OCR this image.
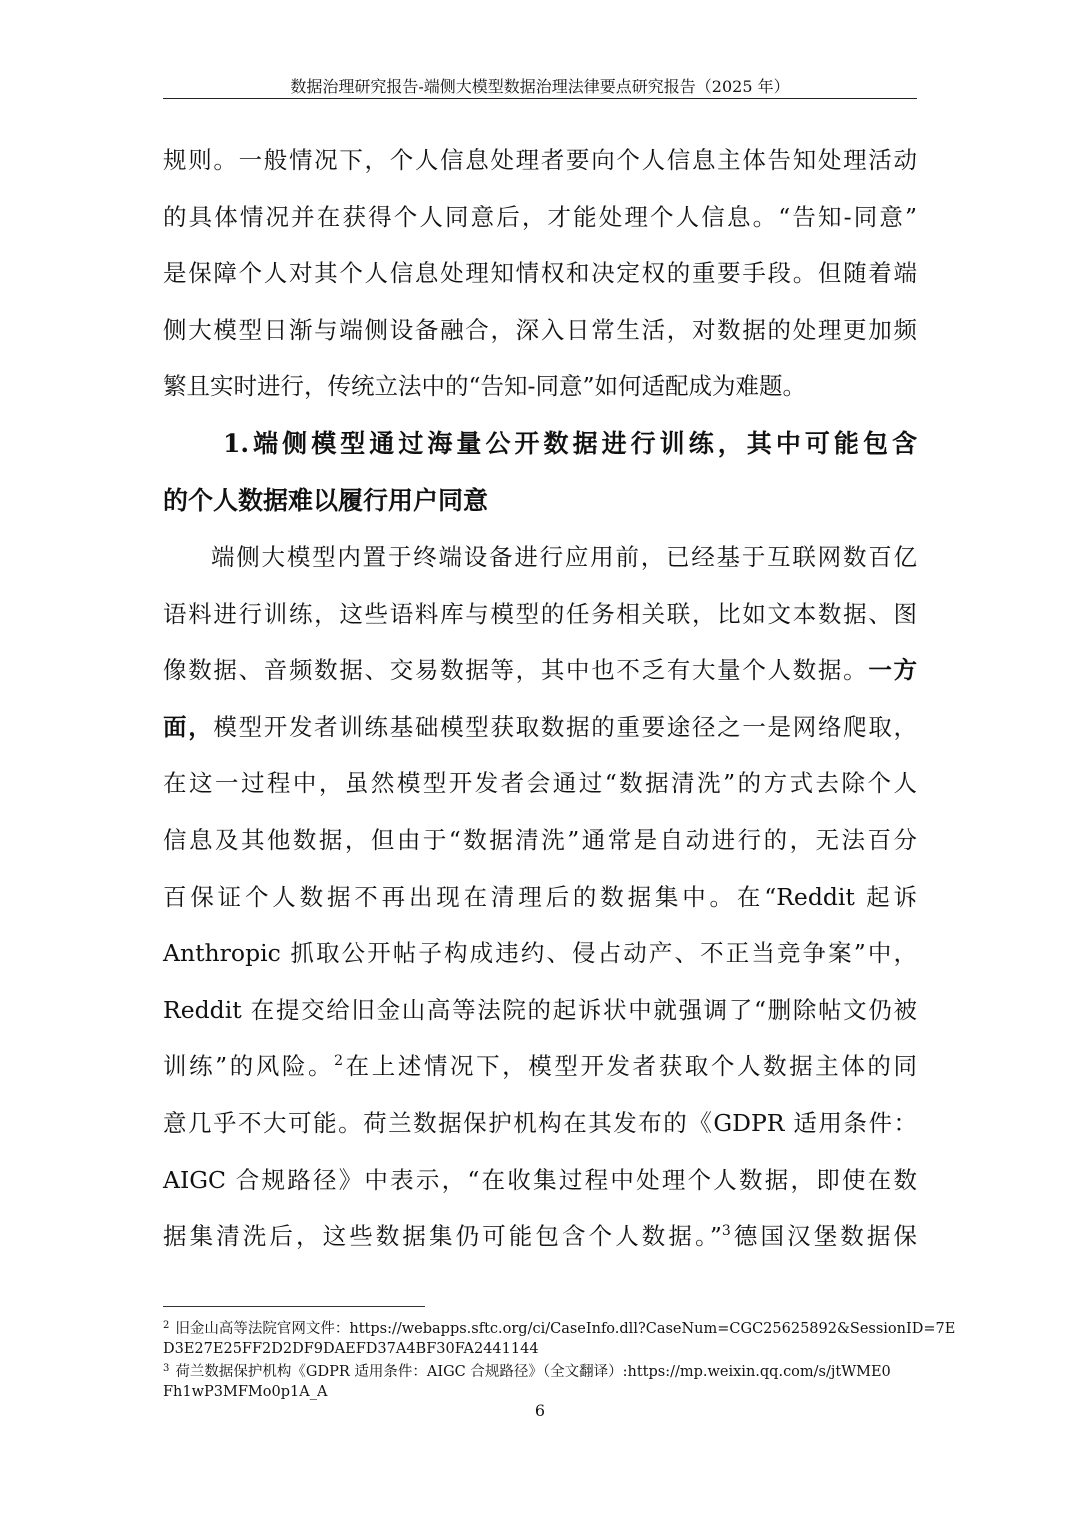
数据治理研究报告-端侧大模型数据治理法律要点研究报告（2025 年）
规则。一般情况下，个人信息处理者要向个人信息主体告知处理活动
的具体情况并在获得个人同意后，才能处理个人信息。“告知-同意”
是保障个人对其个人信息处理知情权和决定权的重要手段。但随着端
侧大模型日渐与端侧设备融合，深入日常生活，对数据的处理更加频
繁且实时进行，传统立法中的“告知-同意”如何适配成为难题。
1.端侧模型通过海量公开数据进行训练，其中可能包含
的个人数据难以履行用户同意
端侧大模型内置于终端设备进行应用前，已经基于互联网数百亿
语料进行训练，这些语料库与模型的任务相关联，比如文本数据、图
像数据、音频数据、交易数据等，其中也不乏有大量个人数据。一方
面，模型开发者训练基础模型获取数据的重要途径之一是网络爬取，
在这一过程中，虽然模型开发者会通过“数据清洗”的方式去除个人
信息及其他数据，但由于“数据清洗”通常是自动进行的，无法百分
百保证个人数据不再出现在清理后的数据集中。在“Reddit 起诉
Anthropic 抓取公开帖子构成违约、侵占动产、不正当竞争案”中，
Reddit 在提交给旧金山高等法院的起诉状中就强调了“删除帖文仍被
训练”的风险。$^2$在上述情况下，模型开发者获取个人数据主体的同
意几乎不大可能。荷兰数据保护机构在其发布的《GDPR 适用条件：
AIGC 合规路径》中表示，“在收集过程中处理个人数据，即使在数
据集清洗后，这些数据集仍可能包含个人数据。”$^3$德国汉堡数据保
$^2$ 旧金山高等法院官网文件：https://webapps.sftc.org/ci/CaseInfo.dll?CaseNum=CGC25625892&SessionID=7E
D3E27E25FF2D2DF9DAEFD37A4BF30FA2441144
$^3$ 荷兰数据保护机构《GDPR 适用条件：AIGC 合规路径》（全文翻译）:https://mp.weixin.qq.com/s/jtWME0
Fh1wP3MFMo0p1A_A
6
